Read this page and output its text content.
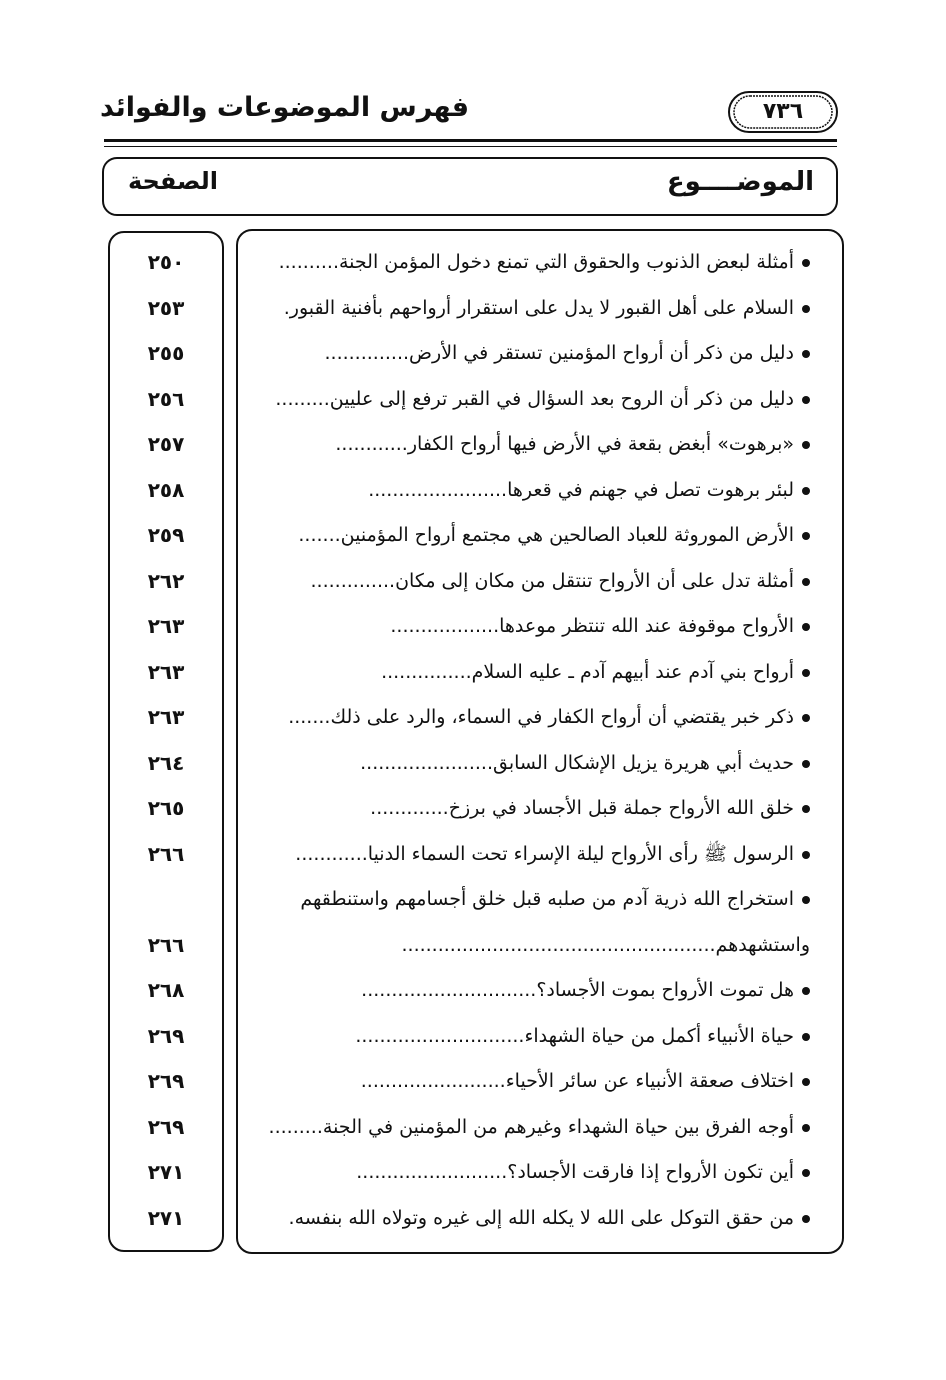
فهرس الموضوعات والفوائد	٧٣٦
الموضــــوع
الصفحة
أمثلة لبعض الذنوب والحقوق التي تمنع دخول المؤمن الجنة..........
٢٥٠
السلام على أهل القبور لا يدل على استقرار أرواحهم بأفنية القبور.
٢٥٣
دليل من ذكر أن أرواح المؤمنين تستقر في الأرض..............
٢٥٥
دليل من ذكر أن الروح بعد السؤال في القبر ترفع إلى عليين.........
٢٥٦
«برهوت» أبغض بقعة في الأرض فيها أرواح الكفار............
٢٥٧
لبئر برهوت تصل في جهنم في قعرها.......................
٢٥٨
الأرض الموروثة للعباد الصالحين هي مجتمع أرواح المؤمنين.......
٢٥٩
أمثلة تدل على أن الأرواح تنتقل من مكان إلى مكان..............
٢٦٢
الأرواح موقوفة عند الله تنتظر موعدها..................
٢٦٣
أرواح بني آدم عند أبيهم آدم ـ عليه السلام...............
٢٦٣
ذكر خبر يقتضي أن أرواح الكفار في السماء، والرد على ذلك.......
٢٦٣
حديث أبي هريرة يزيل الإشكال السابق......................
٢٦٤
خلق الله الأرواح جملة قبل الأجساد في برزخ.............
٢٦٥
الرسول ﷺ رأى الأرواح ليلة الإسراء تحت السماء الدنيا............
٢٦٦
استخراج الله ذرية آدم من صلبه قبل خلق أجسامهم واستنطقهم
واستشهدهم....................................................
٢٦٦
هل تموت الأرواح بموت الأجساد؟.............................
٢٦٨
حياة الأنبياء أكمل من حياة الشهداء............................
٢٦٩
اختلاف صعقة الأنبياء عن سائر الأحياء........................
٢٦٩
أوجه الفرق بين حياة الشهداء وغيرهم من المؤمنين في الجنة.........
٢٦٩
أين تكون الأرواح إذا فارقت الأجساد؟.........................
٢٧١
من حقق التوكل على الله لا يكله الله إلى غيره وتولاه الله بنفسه.
٢٧١
